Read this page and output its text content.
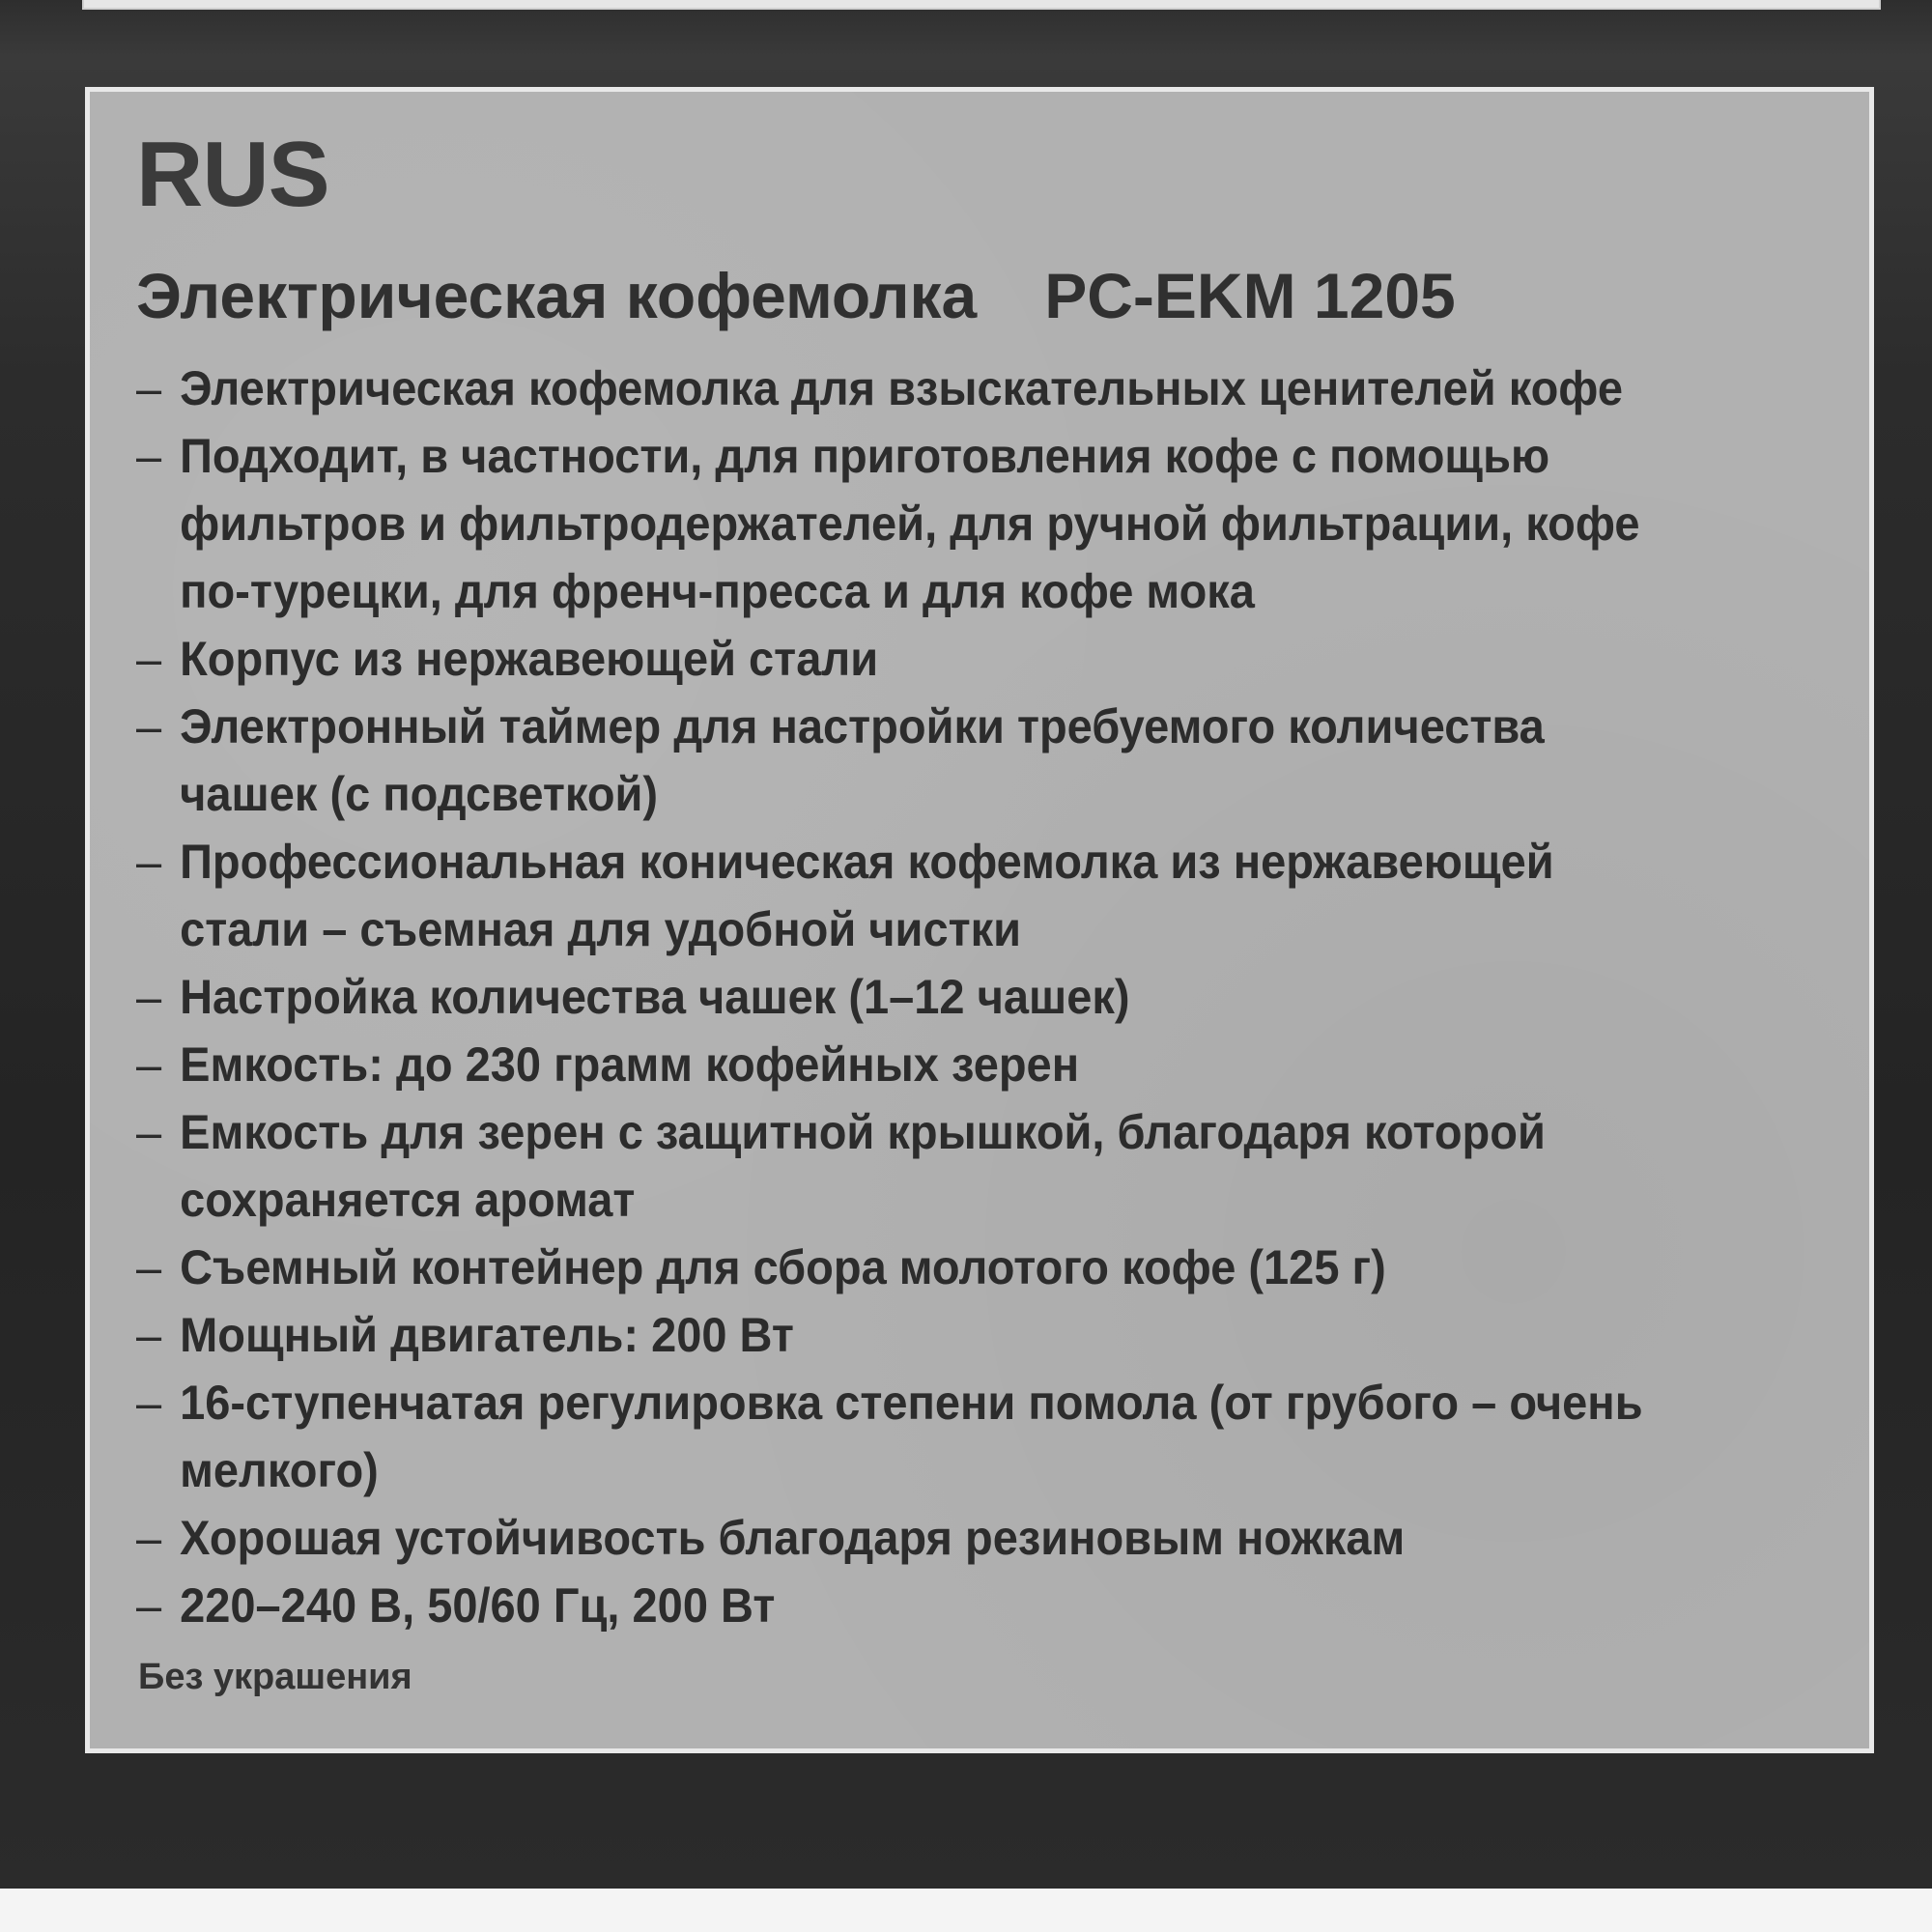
RUS
Электрическая кофемолка PC-EKM 1205
– Электрическая кофемолка для взыскательных ценителей кофе
– Подходит, в частности, для приготовления кофе с помощью
фильтров и фильтродержателей, для ручной фильтрации, кофе
по-турецки, для френч-пресса и для кофе мока
– Корпус из нержавеющей стали
– Электронный таймер для настройки требуемого количества
чашек (с подсветкой)
– Профессиональная коническая кофемолка из нержавеющей
стали – съемная для удобной чистки
– Настройка количества чашек (1–12 чашек)
– Емкость: до 230 грамм кофейных зерен
– Емкость для зерен с защитной крышкой, благодаря которой
сохраняется аромат
– Съемный контейнер для сбора молотого кофе (125 г)
– Мощный двигатель: 200 Вт
– 16-ступенчатая регулировка степени помола (от грубого – очень
мелкого)
– Хорошая устойчивость благодаря резиновым ножкам
– 220–240 В, 50/60 Гц, 200 Вт
Без украшения
